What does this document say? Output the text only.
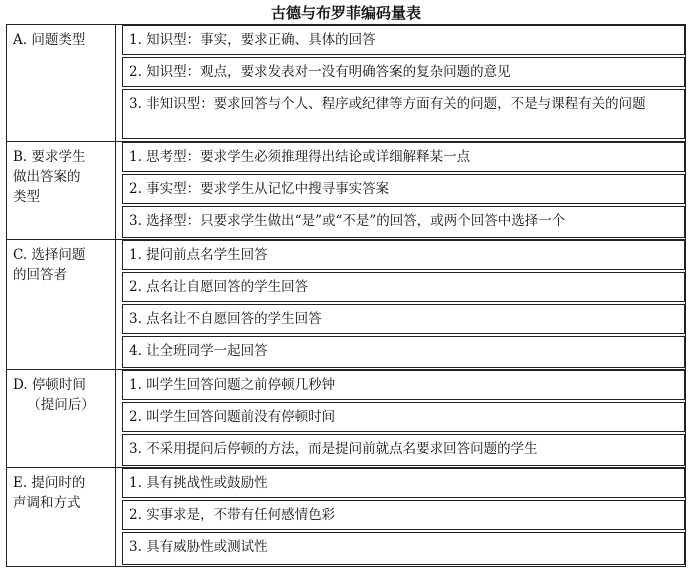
古德与布罗菲编码量表
A. 问题类型	1. 知识型：事实，要求正确、具体的回答
2. 知识型：观点，要求发表对一没有明确答案的复杂问题的意见
3. 非知识型：要求回答与个人、程序或纪律等方面有关的问题，不是与课程有关的问题
B. 要求学生
做出答案的
类型
1. 思考型：要求学生必须推理得出结论或详细解释某一点
2. 事实型：要求学生从记忆中搜寻事实答案
3. 选择型：只要求学生做出“是”或“不是”的回答，或两个回答中选择一个
C. 选择问题
的回答者
1. 提问前点名学生回答
2. 点名让自愿回答的学生回答
3. 点名让不自愿回答的学生回答
4. 让全班同学一起回答
D. 停顿时间
（提问后）
1. 叫学生回答问题之前停顿几秒钟
2. 叫学生回答问题前没有停顿时间
3. 不采用提问后停顿的方法，而是提问前就点名要求回答问题的学生
E. 提问时的
声调和方式
1. 具有挑战性或鼓励性
2. 实事求是，不带有任何感情色彩
3. 具有威胁性或测试性
